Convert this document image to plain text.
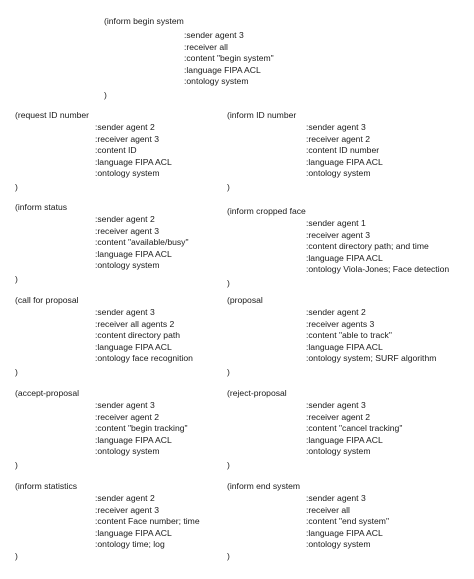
(inform begin system
:sender agent 3
:receiver all
:content "begin system"
:language FIPA ACL
:ontology system
)
(request ID number
:sender agent 2
:receiver agent 3
:content ID
:language FIPA ACL
:ontology system
)
(inform ID number
:sender agent 3
:receiver agent 2
:content ID number
:language FIPA ACL
:ontology system
)
(inform status
:sender agent 2
:receiver agent 3
:content "available/busy"
:language FIPA ACL
:ontology system
)
(inform cropped face
:sender agent 1
:receiver agent 3
:content directory path; and time
:language FIPA ACL
:ontology Viola-Jones; Face detection
)
(call for proposal
:sender agent 3
:receiver all agents 2
:content directory path
:language FIPA ACL
:ontology face recognition
)
(proposal
:sender agent 2
:receiver agents 3
:content "able to track"
:language FIPA ACL
:ontology system; SURF algorithm
)
(accept-proposal
:sender agent 3
:receiver agent 2
:content "begin tracking"
:language FIPA ACL
:ontology system
)
(reject-proposal
:sender agent 3
:receiver agent 2
:content "cancel tracking"
:language FIPA ACL
:ontology system
)
(inform statistics
:sender agent 2
:receiver agent 3
:content Face number; time
:language FIPA ACL
:ontology time; log
)
(inform end system
:sender agent 3
:receiver all
:content "end system"
:language FIPA ACL
:ontology system
)
